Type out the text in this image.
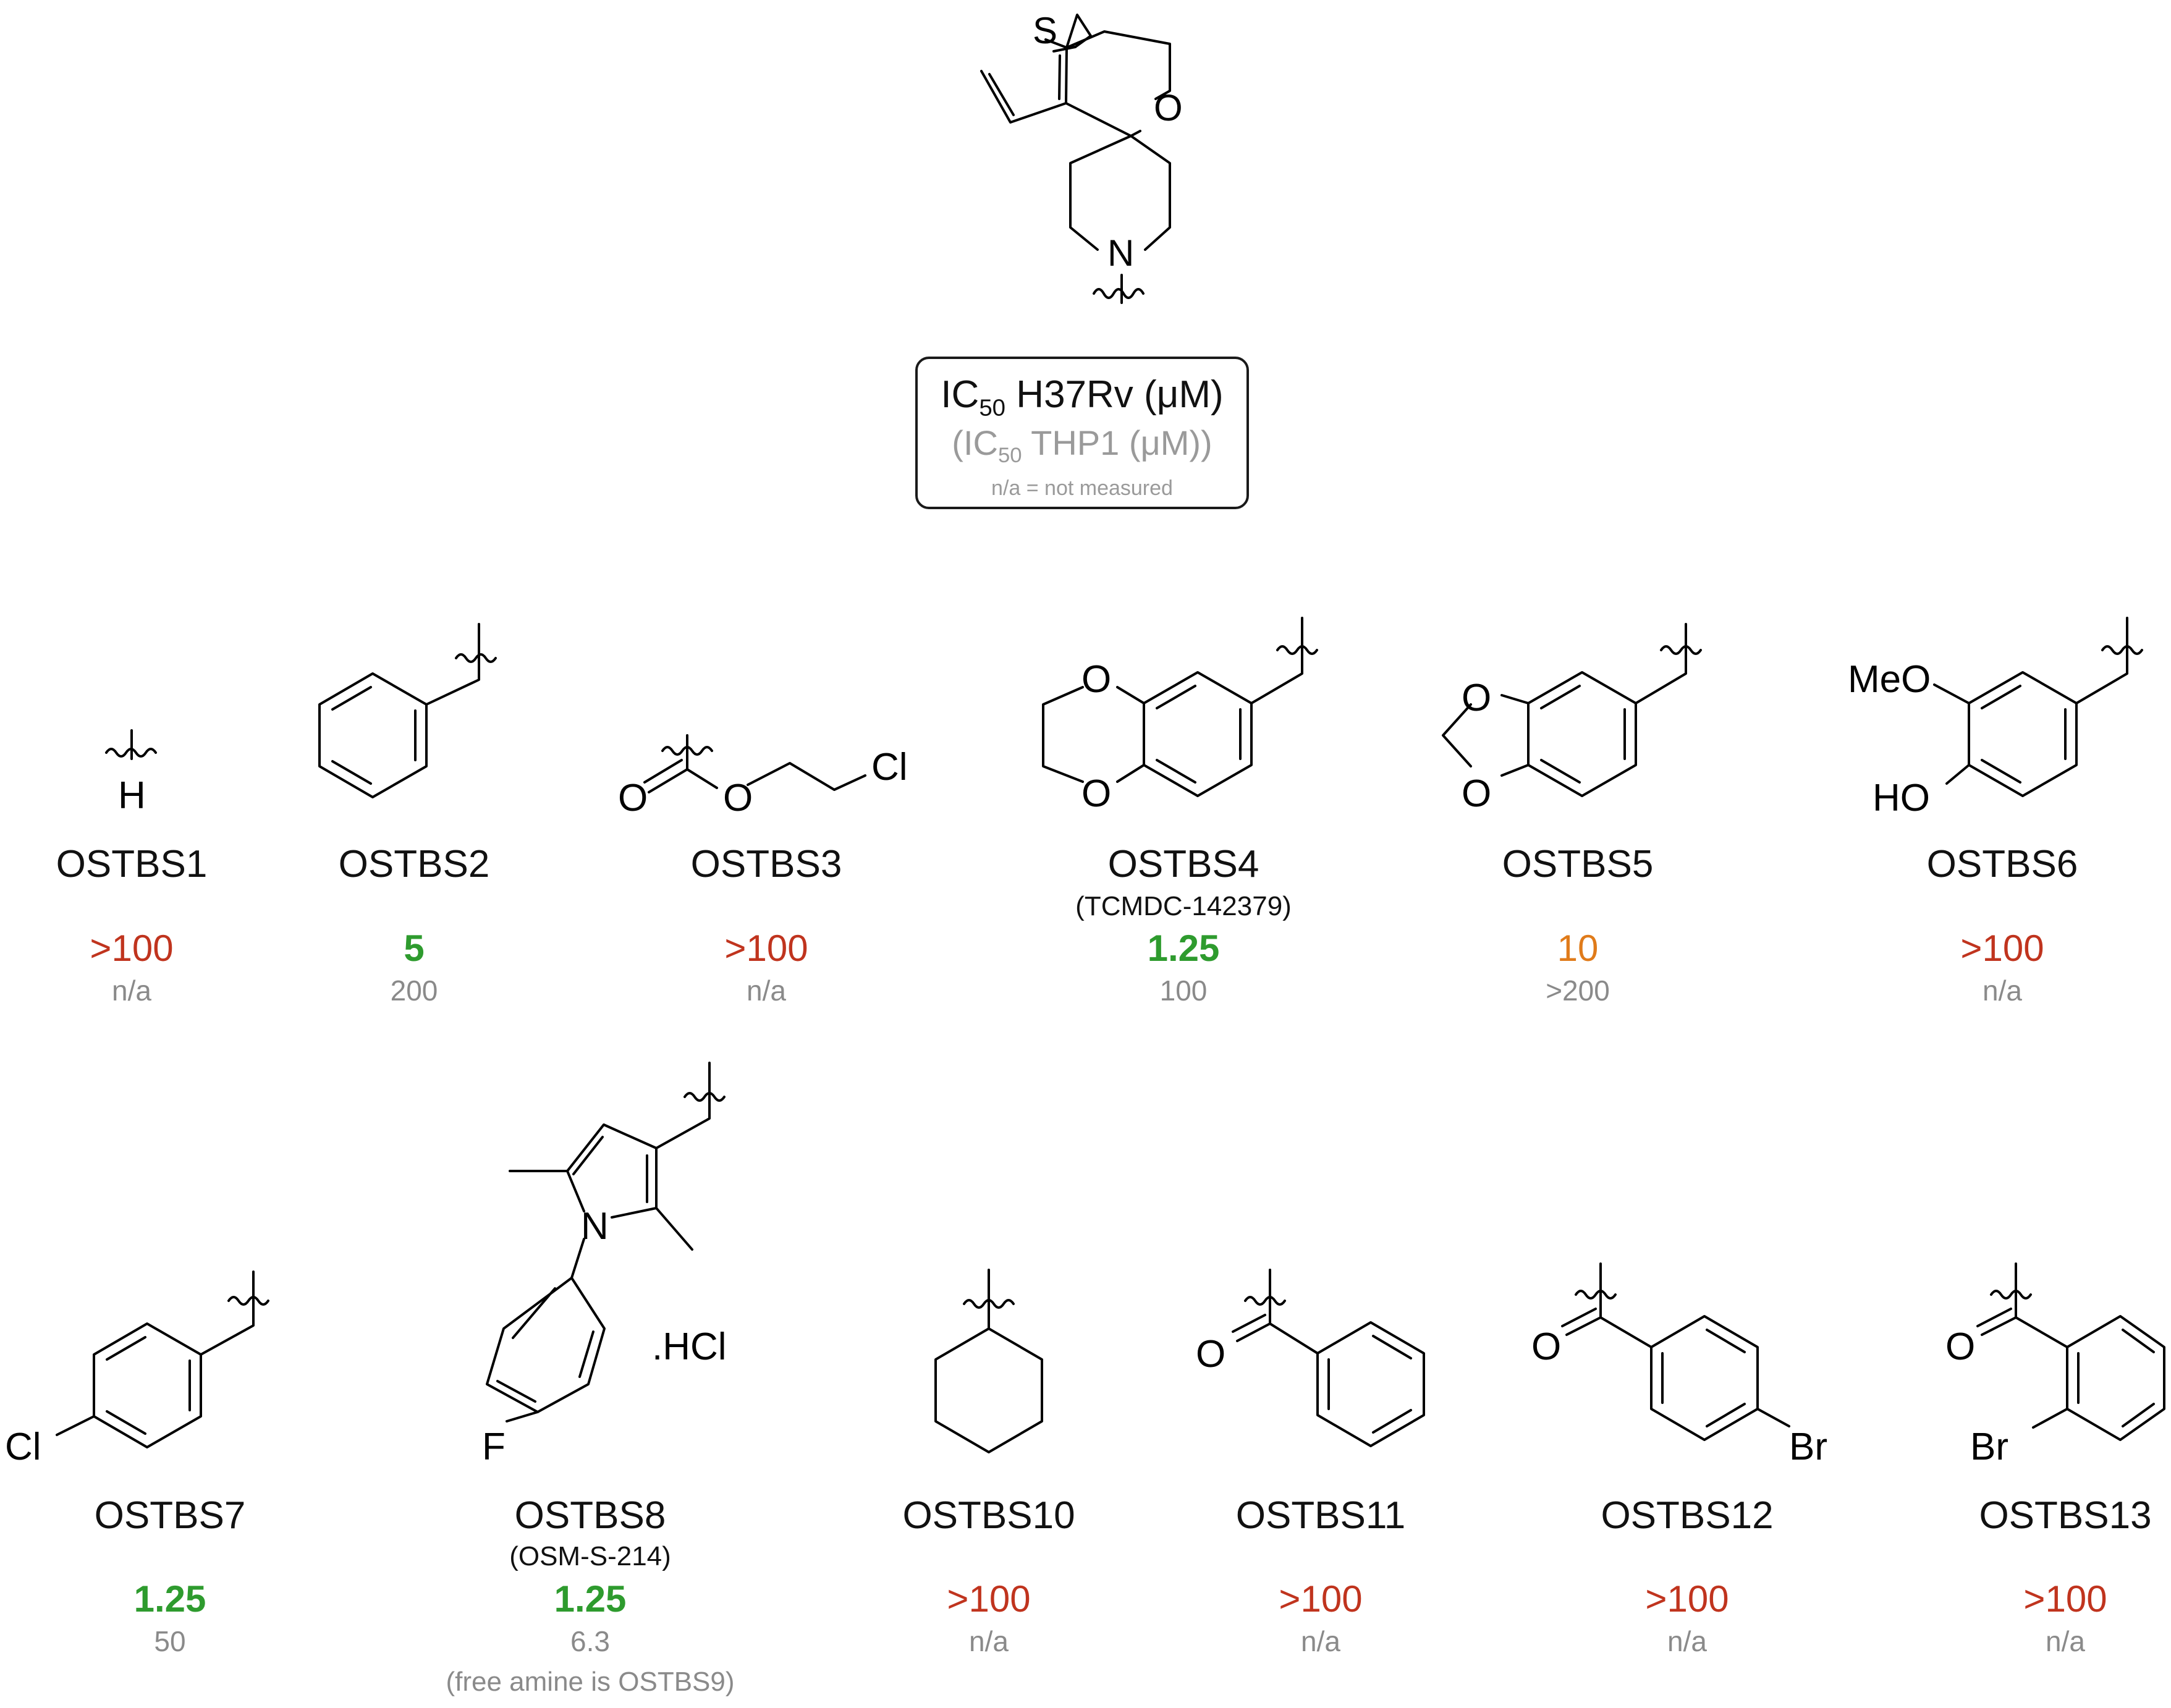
S
O
N
H	O O
Cl
O
O
O
O
MeO
HO
Cl
N
F
.HCl	O	O
Br
O
Br
$IC_{50}$ H37Rv (μM)
($IC_{50}$ THP1 (μM))
n/a = not measured
OSTBS1
>100
n/a
OSTBS2
5
200
OSTBS3
>100
n/a
OSTBS4
(TCMDC-142379)
1.25
100
OSTBS5
10
>200
OSTBS6
>100
n/a
OSTBS7
1.25
50
OSTBS8
(OSM-S-214)
1.25
6.3
(free amine is OSTBS9)
OSTBS10
>100
n/a
OSTBS11
>100
n/a
OSTBS12
>100
n/a
OSTBS13
>100
n/a
